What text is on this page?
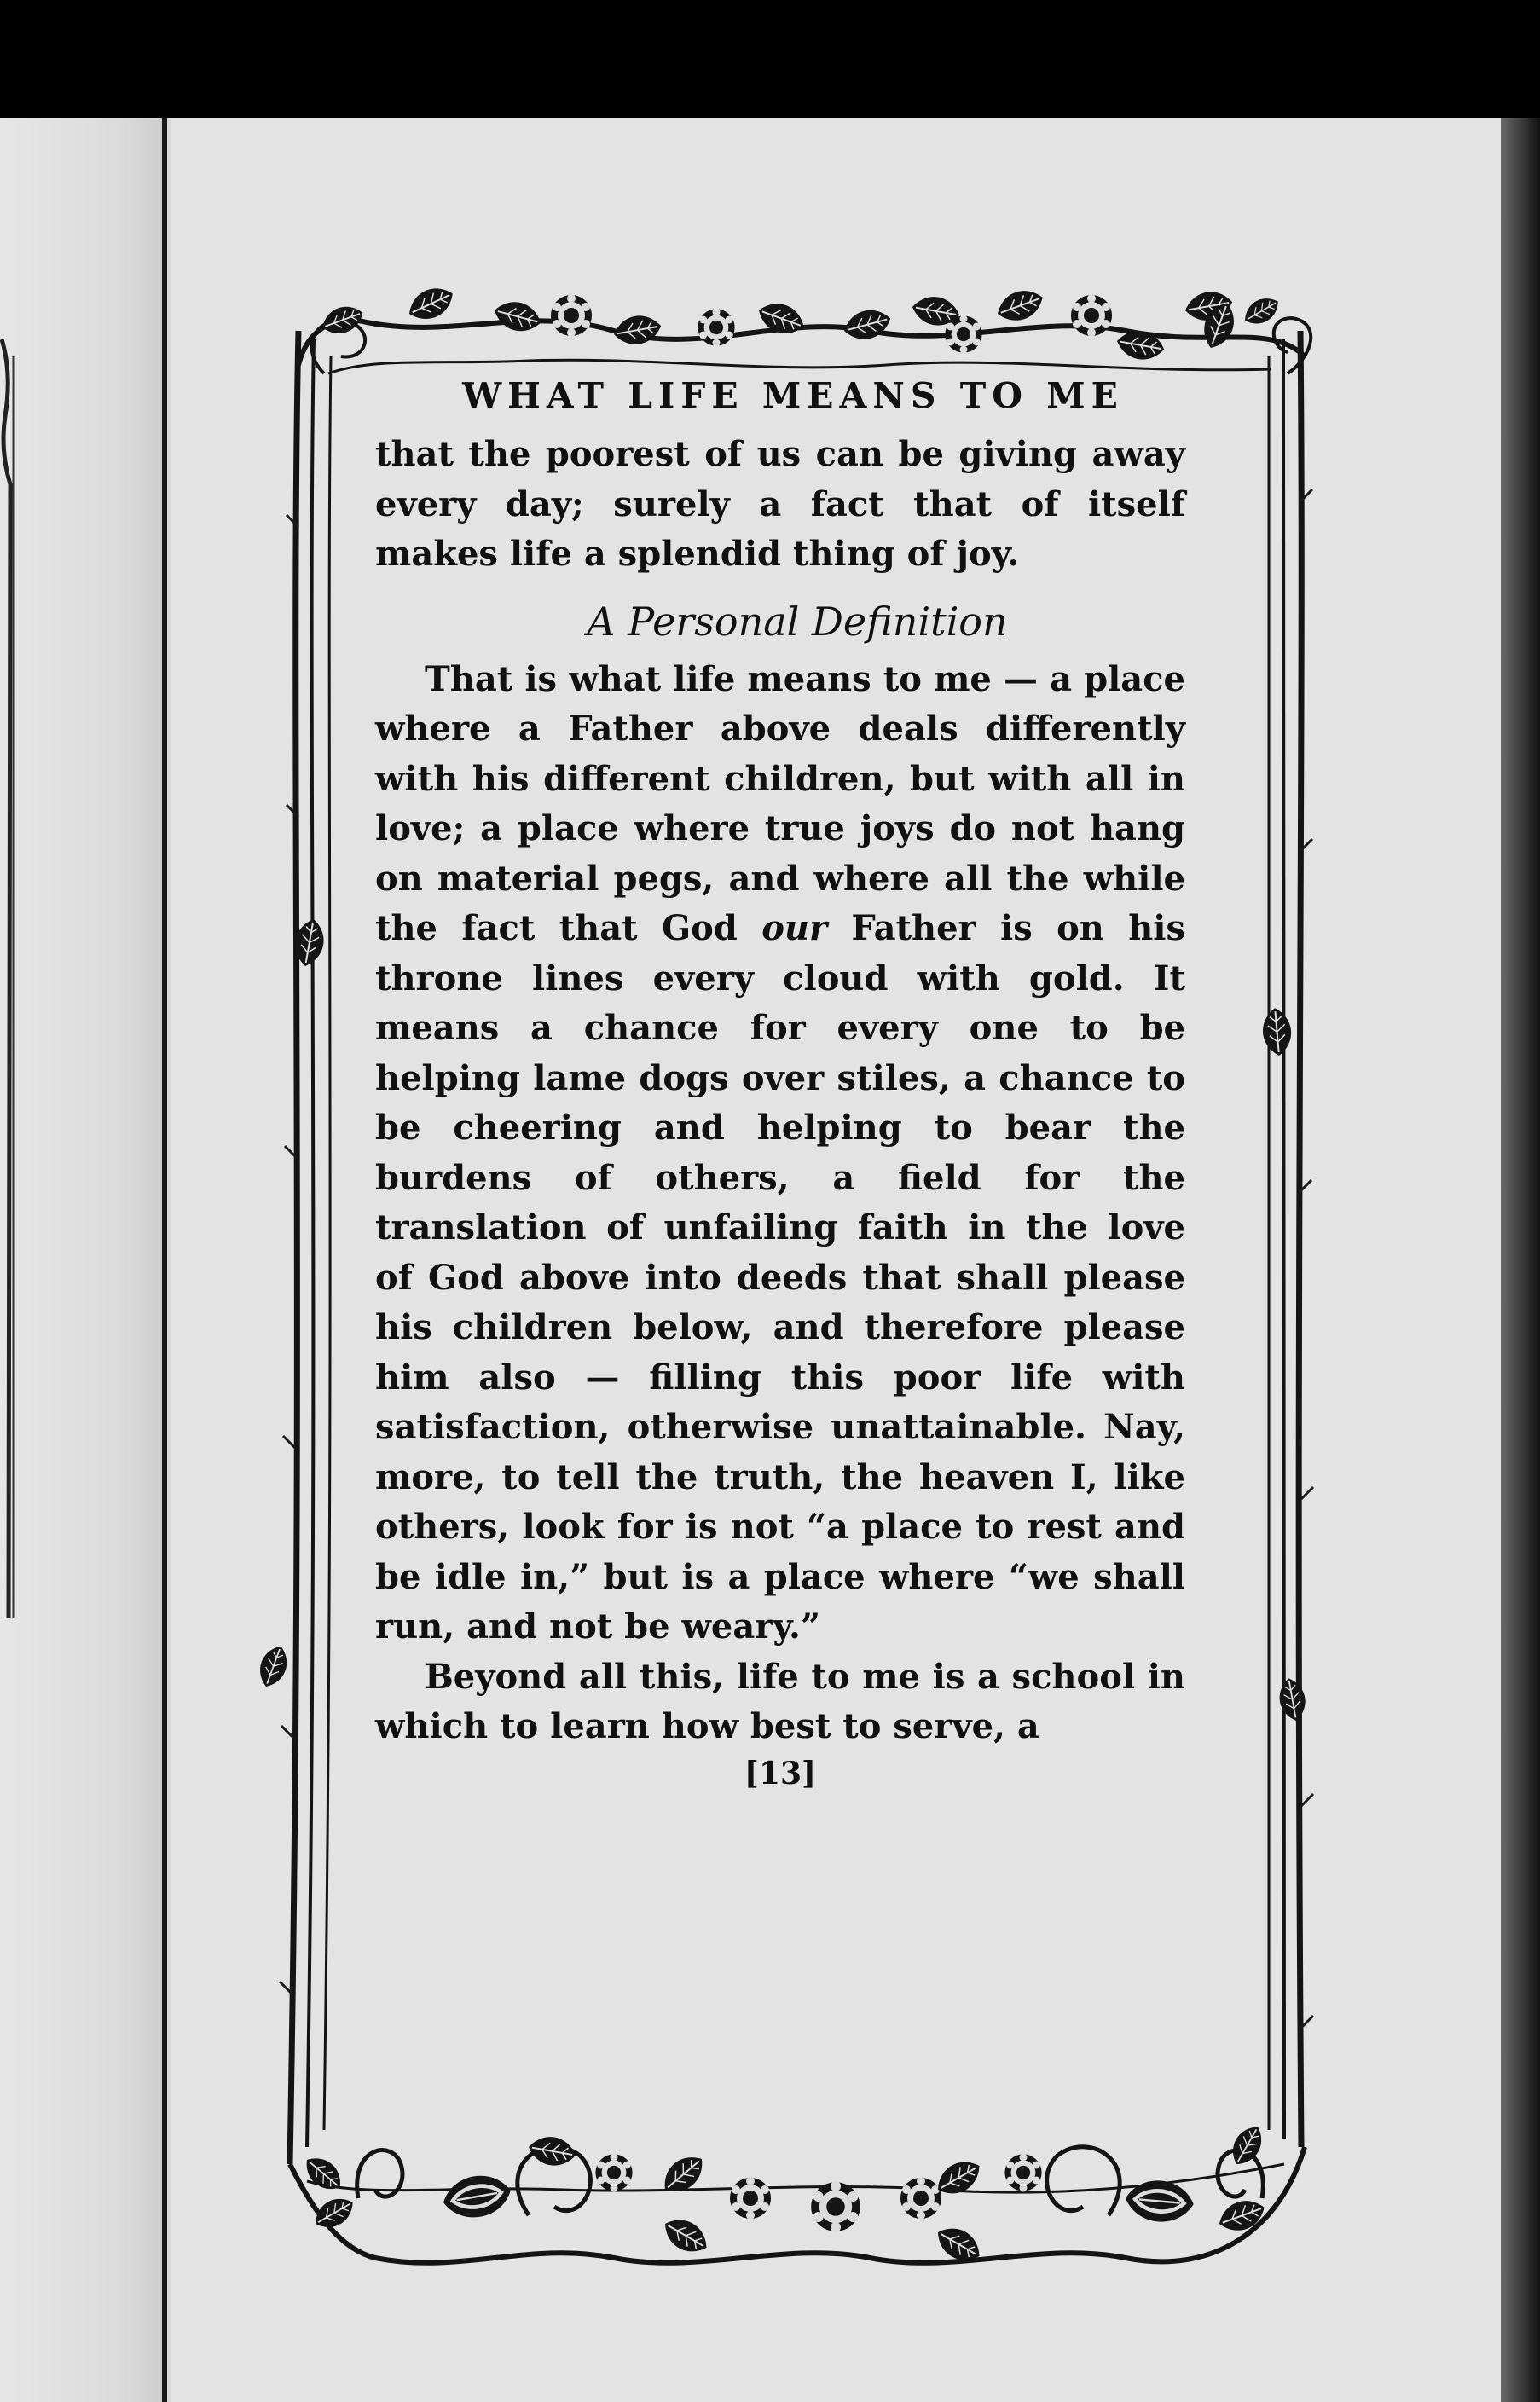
WHAT LIFE MEANS TO ME

that the poorest of us can be giving away every day; surely a fact that of itself makes life a splendid thing of joy.

A Personal Definition

That is what life means to me — a place where a Father above deals differently with his different children, but with all in love; a place where true joys do not hang on material pegs, and where all the while the fact that God our Father is on his throne lines every cloud with gold. It means a chance for every one to be helping lame dogs over stiles, a chance to be cheering and helping to bear the burdens of others, a field for the translation of unfailing faith in the love of God above into deeds that shall please his children below, and therefore please him also — filling this poor life with satisfaction, otherwise unattainable. Nay, more, to tell the truth, the heaven I, like others, look for is not “a place to rest and be idle in,” but is a place where “we shall run, and not be weary.”

Beyond all this, life to me is a school in which to learn how best to serve, a

[13]
